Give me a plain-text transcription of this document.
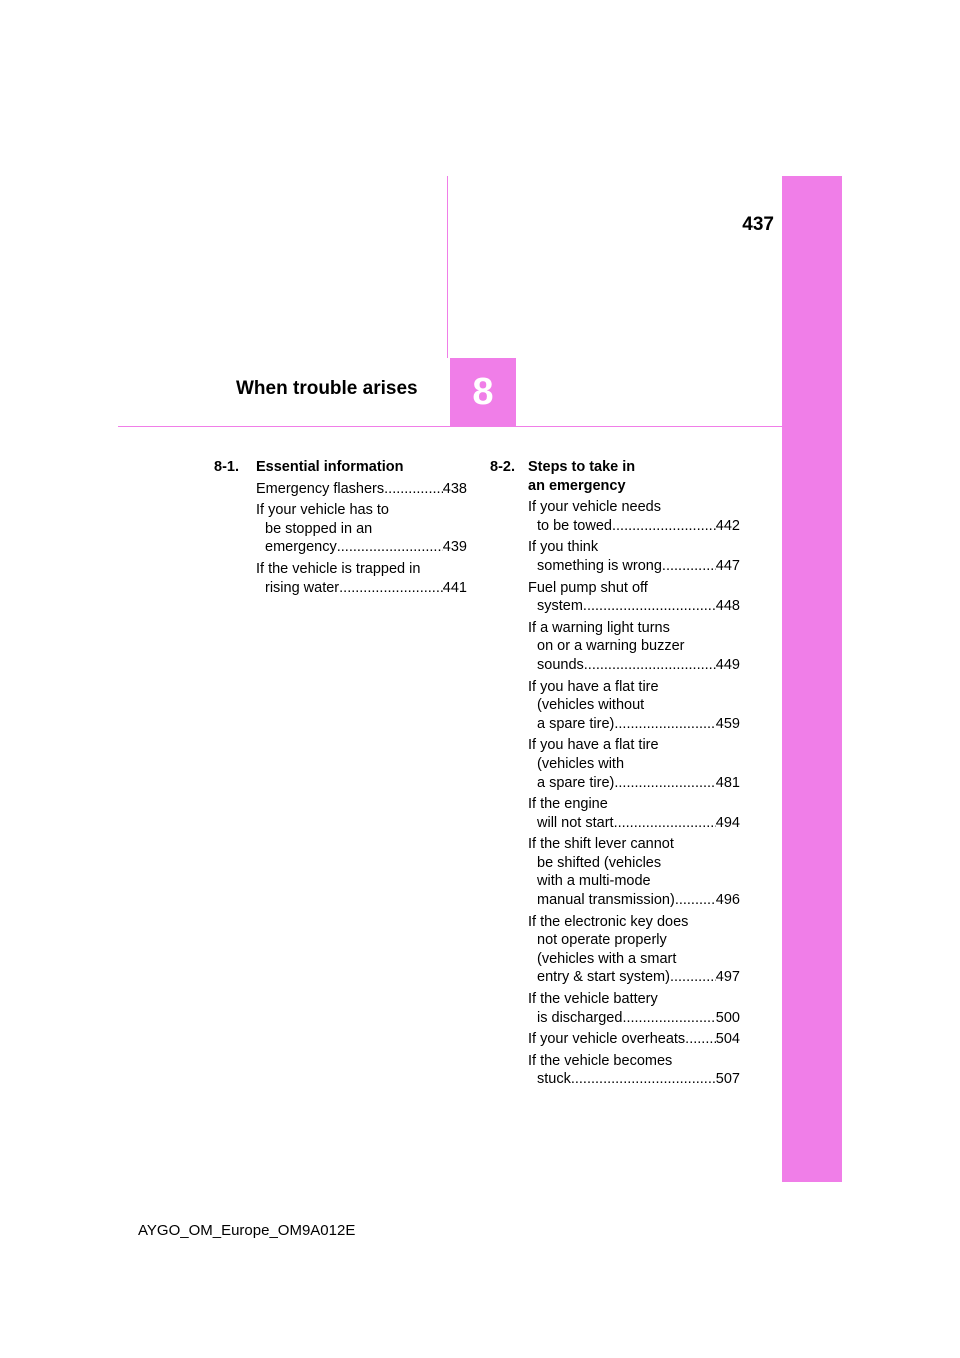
437
8
When trouble arises
8-1.	Essential information
Emergency flashers .....	438
If your vehicle has to
be stopped in an
emergency .....	439
If the vehicle is trapped in
rising water .....	441
8-2. Steps to take in
an emergency
If your vehicle needs
to be towed .....	442
If you think
something is wrong .....	447
Fuel pump shut off
system .....	448
If a warning light turns
on or a warning buzzer
sounds .....	449
If you have a flat tire
(vehicles without
a spare tire) .....	459
If you have a flat tire
(vehicles with
a spare tire) .....	481
If the engine
will not start .....	494
If the shift lever cannot
be shifted (vehicles
with a multi-mode
manual transmission) .....	496
If the electronic key does
not operate properly
(vehicles with a smart
entry & start system) .....	497
If the vehicle battery
is discharged .....	500
If your vehicle overheats ..... 504
If the vehicle becomes
stuck .....	507
AYGO_OM_Europe_OM9A012E
